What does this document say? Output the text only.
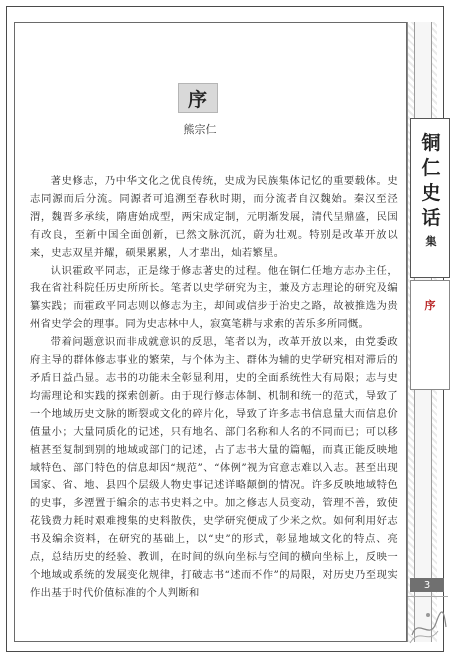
序
熊宗仁

著史修志，乃中华文化之优良传统，史成为民族集体记忆的重要载体。史志同源而后分流。同源者可追溯至春秋时期，而分流者自汉魏始。秦汉至泾渭，魏晋多承续，隋唐始成型，两宋成定制，元明渐发展，清代呈鼎盛，民国有改良，至新中国全面创新，已然文脉沉沉，蔚为壮观。特别是改革开放以来，史志双星并耀，硕果累累，人才辈出，灿若繁星。

认识霍政平同志，正是缘于修志著史的过程。他在铜仁任地方志办主任，我在省社科院任历史所所长。笔者以史学研究为主，兼及方志理论的研究及编纂实践；而霍政平同志则以修志为主，却间或信步于治史之路，故被推选为贵州省史学会的理事。同为史志林中人，寂寞笔耕与求索的苦乐多所同慨。

带着问题意识而非成就意识的反思，笔者以为，改革开放以来，由党委政府主导的群体修志事业的繁荣，与个体为主、群体为辅的史学研究相对滞后的矛盾日益凸显。志书的功能未全彰显利用，史的全面系统性大有局限；志与史均需理论和实践的探索创新。由于现行修志体制、机制和统一的范式，导致了一个地域历史文脉的断裂或文化的碎片化，导致了许多志书信息量大而信息价值量小；大量同质化的记述，只有地名、部门名称和人名的不同而已；可以移植甚至复制到别的地域或部门的记述，占了志书大量的篇幅，而真正能反映地域特色、部门特色的信息却因“规范”、“体例”视为官意志难以入志。甚至出现国家、省、地、县四个层级人物史事记述详略颠倒的情况。许多反映地域特色的史事，多湮置于编余的志书史料之中。加之修志人员变动，管理不善，致使花钱费力耗时艰难搜集的史料散佚，史学研究便成了少米之炊。如何利用好志书及编余资料，在研究的基础上，以“史”的形式，彰显地域文化的特点、亮点，总结历史的经验、教训，在时间的纵向坐标与空间的横向坐标上，反映一个地域或系统的发展变化规律，打破志书“述而不作”的局限，对历史乃至现实作出基于时代价值标准的个人判断和

铜
仁
史
话
集
序
3
